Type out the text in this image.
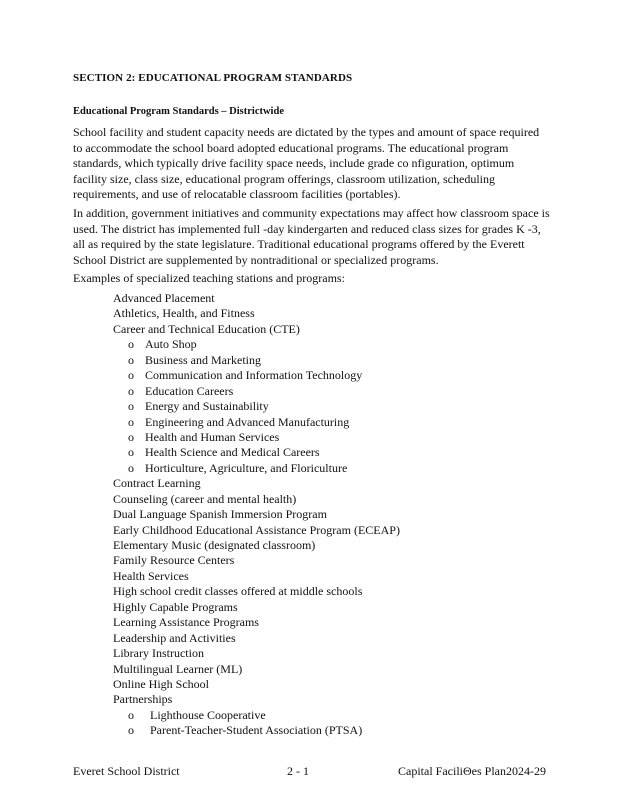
SECTION 2: EDUCATIONAL PROGRAM STANDARDS
Educational Program Standards – Districtwide

School facility and student capacity needs are dictated by the types and amount of space required to accommodate the school board adopted educational programs. The educational program standards, which typically drive facility space needs, include grade co nfiguration, optimum facility size, class size, educational program offerings, classroom utilization, scheduling requirements, and use of relocatable classroom facilities (portables).

In addition, government initiatives and community expectations may affect how classroom space is used. The district has implemented full -day kindergarten and reduced class sizes for grades K -3, all as required by the state legislature. Traditional educational programs offered by the Everett School District are supplemented by nontraditional or specialized programs.

Examples of specialized teaching stations and programs:

Advanced Placement
Athletics, Health, and Fitness
Career and Technical Education (CTE)
o Auto Shop
o Business and Marketing
o Communication and Information Technology
o Education Careers
o Energy and Sustainability
o Engineering and Advanced Manufacturing
o Health and Human Services
o Health Science and Medical Careers
o Horticulture, Agriculture, and Floriculture
Contract Learning
Counseling (career and mental health)
Dual Language Spanish Immersion Program
Early Childhood Educational Assistance Program (ECEAP)
Elementary Music (designated classroom)
Family Resource Centers
Health Services
High school credit classes offered at middle schools
Highly Capable Programs
Learning Assistance Programs
Leadership and Activities
Library Instruction
Multilingual Learner (ML)
Online High School
Partnerships
o Lighthouse Cooperative
o Parent-Teacher-Student Association (PTSA)
Everet School District	2 - 1	Capital FaciliΘes Plan2024-29
